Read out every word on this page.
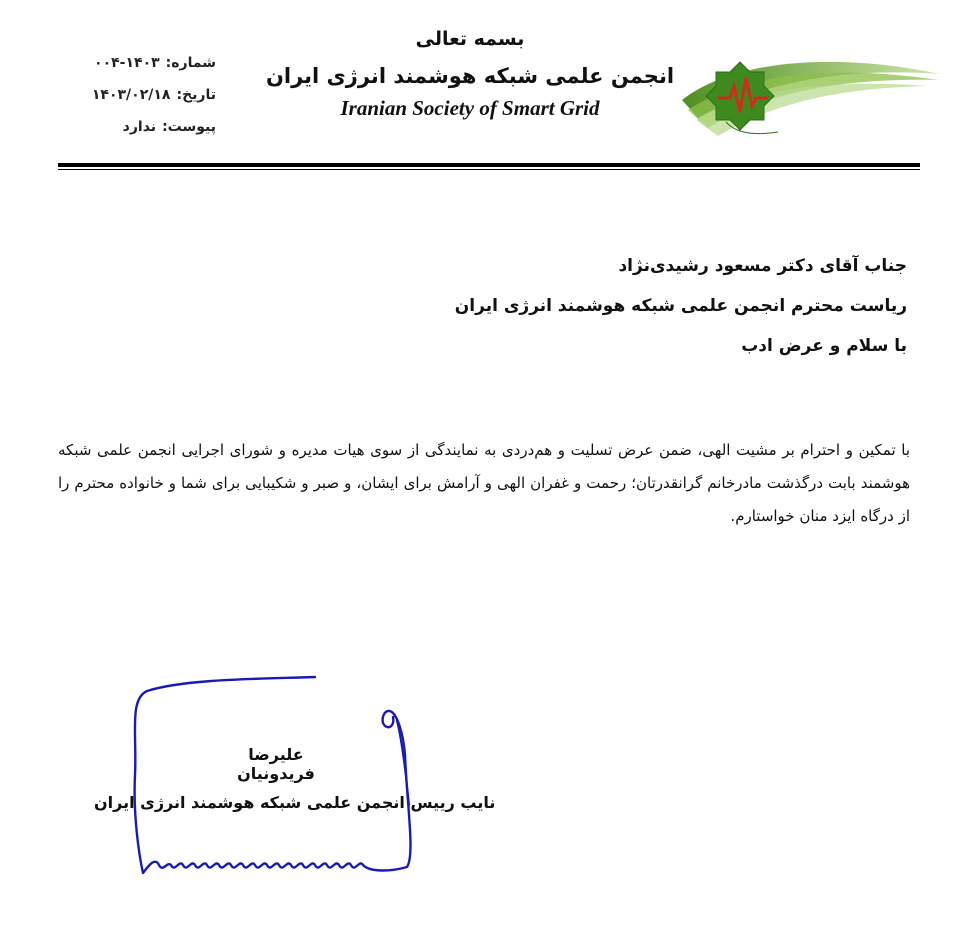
بسمه تعالی
انجمن علمی شبکه هوشمند انرژی ایران
Iranian Society of Smart Grid
شماره:
۰۰۴-۱۴۰۳
تاریخ:
۱۴۰۳/۰۲/۱۸
پیوست:
ندارد
جناب آقای دکتر مسعود رشیدی‌نژاد
ریاست محترم انجمن علمی شبکه هوشمند انرژی ایران
با سلام و عرض ادب
با تمکین و احترام بر مشیت الهی، ضمن عرض تسلیت و هم‌دردی به نمایندگی از سوی هیات مدیره و شورای اجرایی انجمن علمی شبکه هوشمند بابت درگذشت مادرخانم گرانقدرتان؛ رحمت و غفران الهی و آرامش برای ایشان، و صبر و شکیبایی برای شما و خانواده محترم را از درگاه ایزد منان خواستارم.
علیرضا فریدونیان
نایب رییس انجمن علمی شبکه هوشمند انرژی ایران
